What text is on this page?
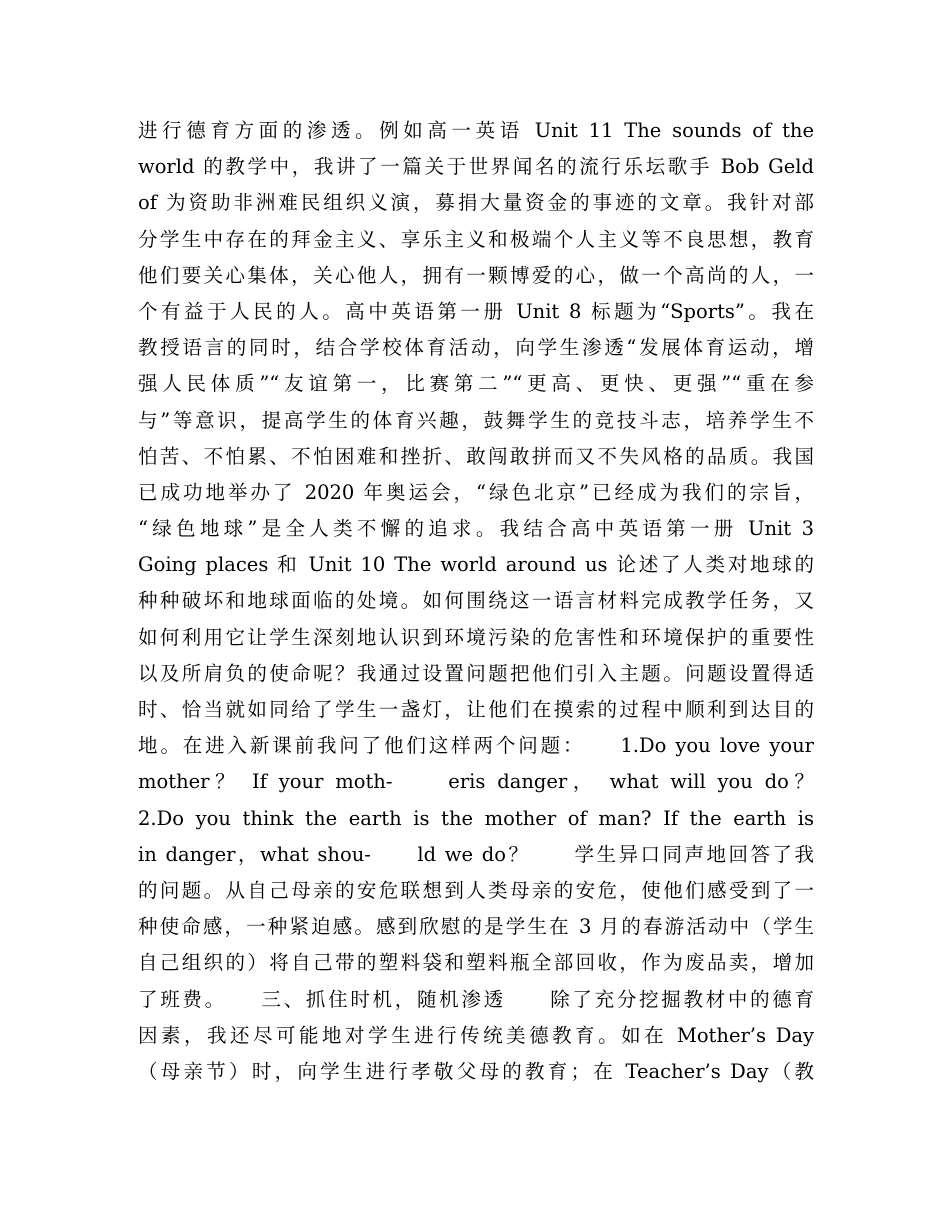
进行德育方面的渗透。例如高一英语 Unit 11 The sounds of the
world 的教学中，我讲了一篇关于世界闻名的流行乐坛歌手 Bob Geld
of 为资助非洲难民组织义演，募捐大量资金的事迹的文章。我针对部
分学生中存在的拜金主义、享乐主义和极端个人主义等不良思想，教育
他们要关心集体，关心他人，拥有一颗博爱的心，做一个高尚的人，一
个有益于人民的人。高中英语第一册 Unit 8 标题为“Sports”。我在
教授语言的同时，结合学校体育活动，向学生渗透“发展体育运动，增
强人民体质”“友谊第一，比赛第二”“更高、更快、更强”“重在参
与”等意识，提高学生的体育兴趣，鼓舞学生的竞技斗志，培养学生不
怕苦、不怕累、不怕困难和挫折、敢闯敢拼而又不失风格的品质。我国
已成功地举办了 2020 年奥运会，“绿色北京”已经成为我们的宗旨，
“绿色地球”是全人类不懈的追求。我结合高中英语第一册 Unit 3
Going places 和 Unit 10 The world around us 论述了人类对地球的
种种破坏和地球面临的处境。如何围绕这一语言材料完成教学任务，又
如何利用它让学生深刻地认识到环境污染的危害性和环境保护的重要性
以及所肩负的使命呢？我通过设置问题把他们引入主题。问题设置得适
时、恰当就如同给了学生一盏灯，让他们在摸索的过程中顺利到达目的
地。在进入新课前我问了他们这样两个问题：　　1.Do you love your
mother？ If your moth-　　eris danger， what will you do？
2.Do you think the earth is the mother of man? If the earth is
in danger，what shou-　　ld we do？　　学生异口同声地回答了我
的问题。从自己母亲的安危联想到人类母亲的安危，使他们感受到了一
种使命感，一种紧迫感。感到欣慰的是学生在 3 月的春游活动中（学生
自己组织的）将自己带的塑料袋和塑料瓶全部回收，作为废品卖，增加
了班费。　　三、抓住时机，随机渗透　　除了充分挖掘教材中的德育
因素，我还尽可能地对学生进行传统美德教育。如在 Mother’s Day
（母亲节）时，向学生进行孝敬父母的教育；在 Teacher’s Day（教
